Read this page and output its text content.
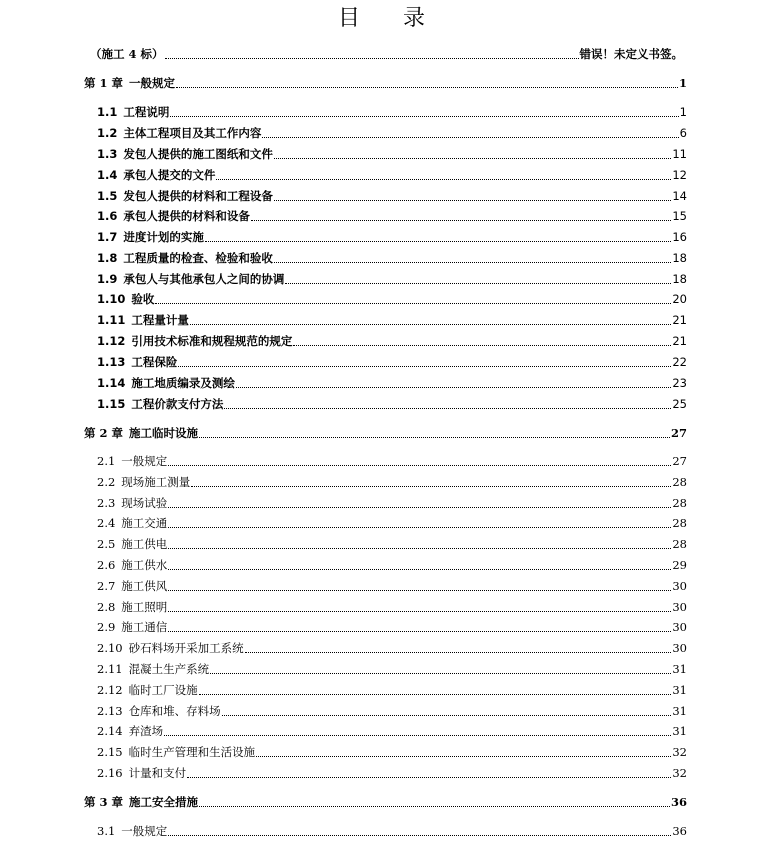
目 录
（施工 4 标）	错误！未定义书签。
第 1 章 一般规定	1
1.1 工程说明	1
1.2 主体工程项目及其工作内容	6
1.3 发包人提供的施工图纸和文件	11
1.4 承包人提交的文件	12
1.5 发包人提供的材料和工程设备	14
1.6 承包人提供的材料和设备	15
1.7 进度计划的实施	16
1.8 工程质量的检查、检验和验收	18
1.9 承包人与其他承包人之间的协调	18
1.10 验收	20
1.11 工程量计量	21
1.12 引用技术标准和规程规范的规定	21
1.13 工程保险	22
1.14 施工地质编录及测绘	23
1.15 工程价款支付方法	25
第 2 章 施工临时设施	27
2.1 一般规定	27
2.2 现场施工测量	28
2.3 现场试验	28
2.4 施工交通	28
2.5 施工供电	28
2.6 施工供水	29
2.7 施工供风	30
2.8 施工照明	30
2.9 施工通信	30
2.10 砂石料场开采加工系统	30
2.11 混凝土生产系统	31
2.12 临时工厂设施	31
2.13 仓库和堆、存料场	31
2.14 弃渣场	31
2.15 临时生产管理和生活设施	32
2.16 计量和支付	32
第 3 章 施工安全措施	36
3.1 一般规定	36
